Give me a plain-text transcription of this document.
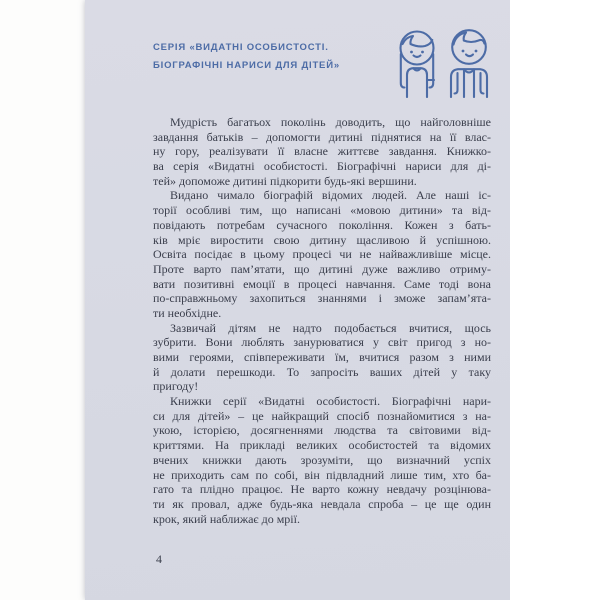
СЕРІЯ «ВИДАТНІ ОСОБИСТОСТІ.
БІОГРАФІЧНІ НАРИСИ ДЛЯ ДІТЕЙ»
Мудрість багатьох поколінь доводить, що найголовніше
завдання батьків – допомогти дитині піднятися на її влас-
ну гору, реалізувати її власне життєве завдання. Книжко-
ва серія «Видатні особистості. Біографічні нариси для ді-
тей» допоможе дитині підкорити будь-які вершини.
Видано чимало біографій відомих людей. Але наші іс-
торії особливі тим, що написані «мовою дитини» та від-
повідають потребам сучасного покоління. Кожен з бать-
ків мріє виростити свою дитину щасливою й успішною.
Освіта посідає в цьому процесі чи не найважливіше місце.
Проте варто пам’ятати, що дитині дуже важливо отриму-
вати позитивні емоції в процесі навчання. Саме тоді вона
по-справжньому захопиться знаннями і зможе запам’ята-
ти необхідне.
Зазвичай дітям не надто подобається вчитися, щось
зубрити. Вони люблять занурюватися у світ пригод з но-
вими героями, співпереживати їм, вчитися разом з ними
й долати перешкоди. То запросіть ваших дітей у таку
пригоду!
Книжки серії «Видатні особистості. Біографічні нари-
си для дітей» – це найкращий спосіб познайомитися з на-
укою, історією, досягненнями людства та світовими від-
криттями. На прикладі великих особистостей та відомих
вчених книжки дають зрозуміти, що визначний успіх
не приходить сам по собі, він підвладний лише тим, хто ба-
гато та плідно працює. Не варто кожну невдачу розцінюва-
ти як провал, адже будь-яка невдала спроба – це ще один
крок, який наближає до мрії.
4
